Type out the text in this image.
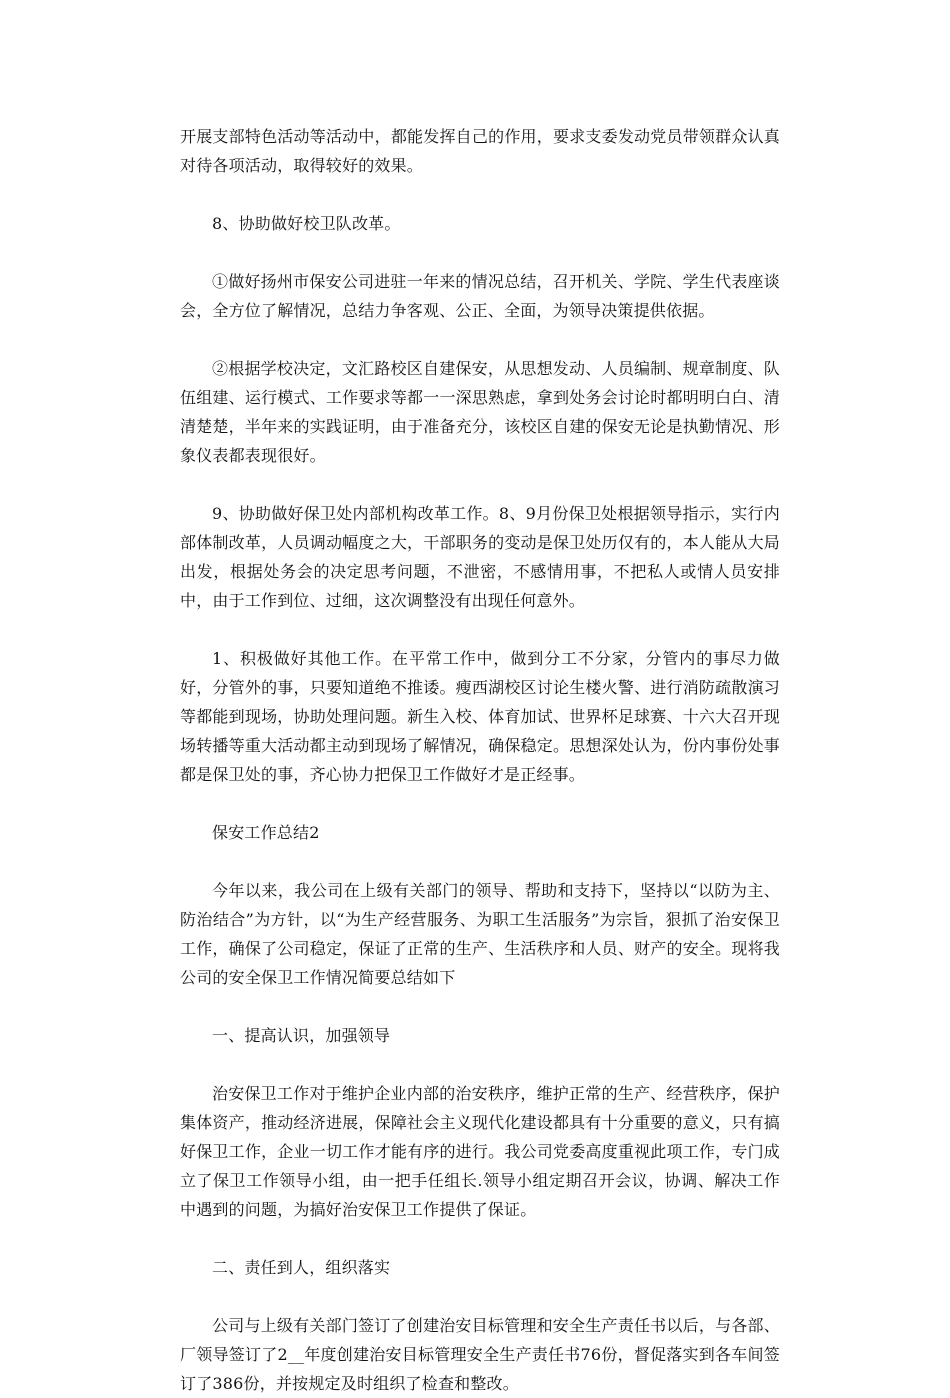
开展支部特色活动等活动中，都能发挥自己的作用，要求支委发动党员带领群众认真对待各项活动，取得较好的效果。

8、协助做好校卫队改革。

①做好扬州市保安公司进驻一年来的情况总结，召开机关、学院、学生代表座谈会，全方位了解情况，总结力争客观、公正、全面，为领导决策提供依据。

②根据学校决定，文汇路校区自建保安，从思想发动、人员编制、规章制度、队伍组建、运行模式、工作要求等都一一深思熟虑，拿到处务会讨论时都明明白白、清清楚楚，半年来的实践证明，由于准备充分，该校区自建的保安无论是执勤情况、形象仪表都表现很好。

9、协助做好保卫处内部机构改革工作。8、9月份保卫处根据领导指示，实行内部体制改革，人员调动幅度之大，干部职务的变动是保卫处历仅有的，本人能从大局出发，根据处务会的决定思考问题，不泄密，不感情用事，不把私人或情人员安排中，由于工作到位、过细，这次调整没有出现任何意外。

1、积极做好其他工作。在平常工作中，做到分工不分家，分管内的事尽力做好，分管外的事，只要知道绝不推诿。瘦西湖校区讨论生楼火警、进行消防疏散演习等都能到现场，协助处理问题。新生入校、体育加试、世界杯足球赛、十六大召开现场转播等重大活动都主动到现场了解情况，确保稳定。思想深处认为，份内事份处事都是保卫处的事，齐心协力把保卫工作做好才是正经事。

保安工作总结2

今年以来，我公司在上级有关部门的领导、帮助和支持下，坚持以“以防为主、防治结合”为方针，以“为生产经营服务、为职工生活服务”为宗旨，狠抓了治安保卫工作，确保了公司稳定，保证了正常的生产、生活秩序和人员、财产的安全。现将我公司的安全保卫工作情况简要总结如下

一、提高认识，加强领导

治安保卫工作对于维护企业内部的治安秩序，维护正常的生产、经营秩序，保护集体资产，推动经济进展，保障社会主义现代化建设都具有十分重要的意义，只有搞好保卫工作，企业一切工作才能有序的进行。我公司党委高度重视此项工作，专门成立了保卫工作领导小组，由一把手任组长.领导小组定期召开会议，协调、解决工作中遇到的问题，为搞好治安保卫工作提供了保证。

二、责任到人，组织落实

公司与上级有关部门签订了创建治安目标管理和安全生产责任书以后，与各部、厂领导签订了2__年度创建治安目标管理安全生产责任书76份，督促落实到各车间签订了386份，并按规定及时组织了检查和整改。
